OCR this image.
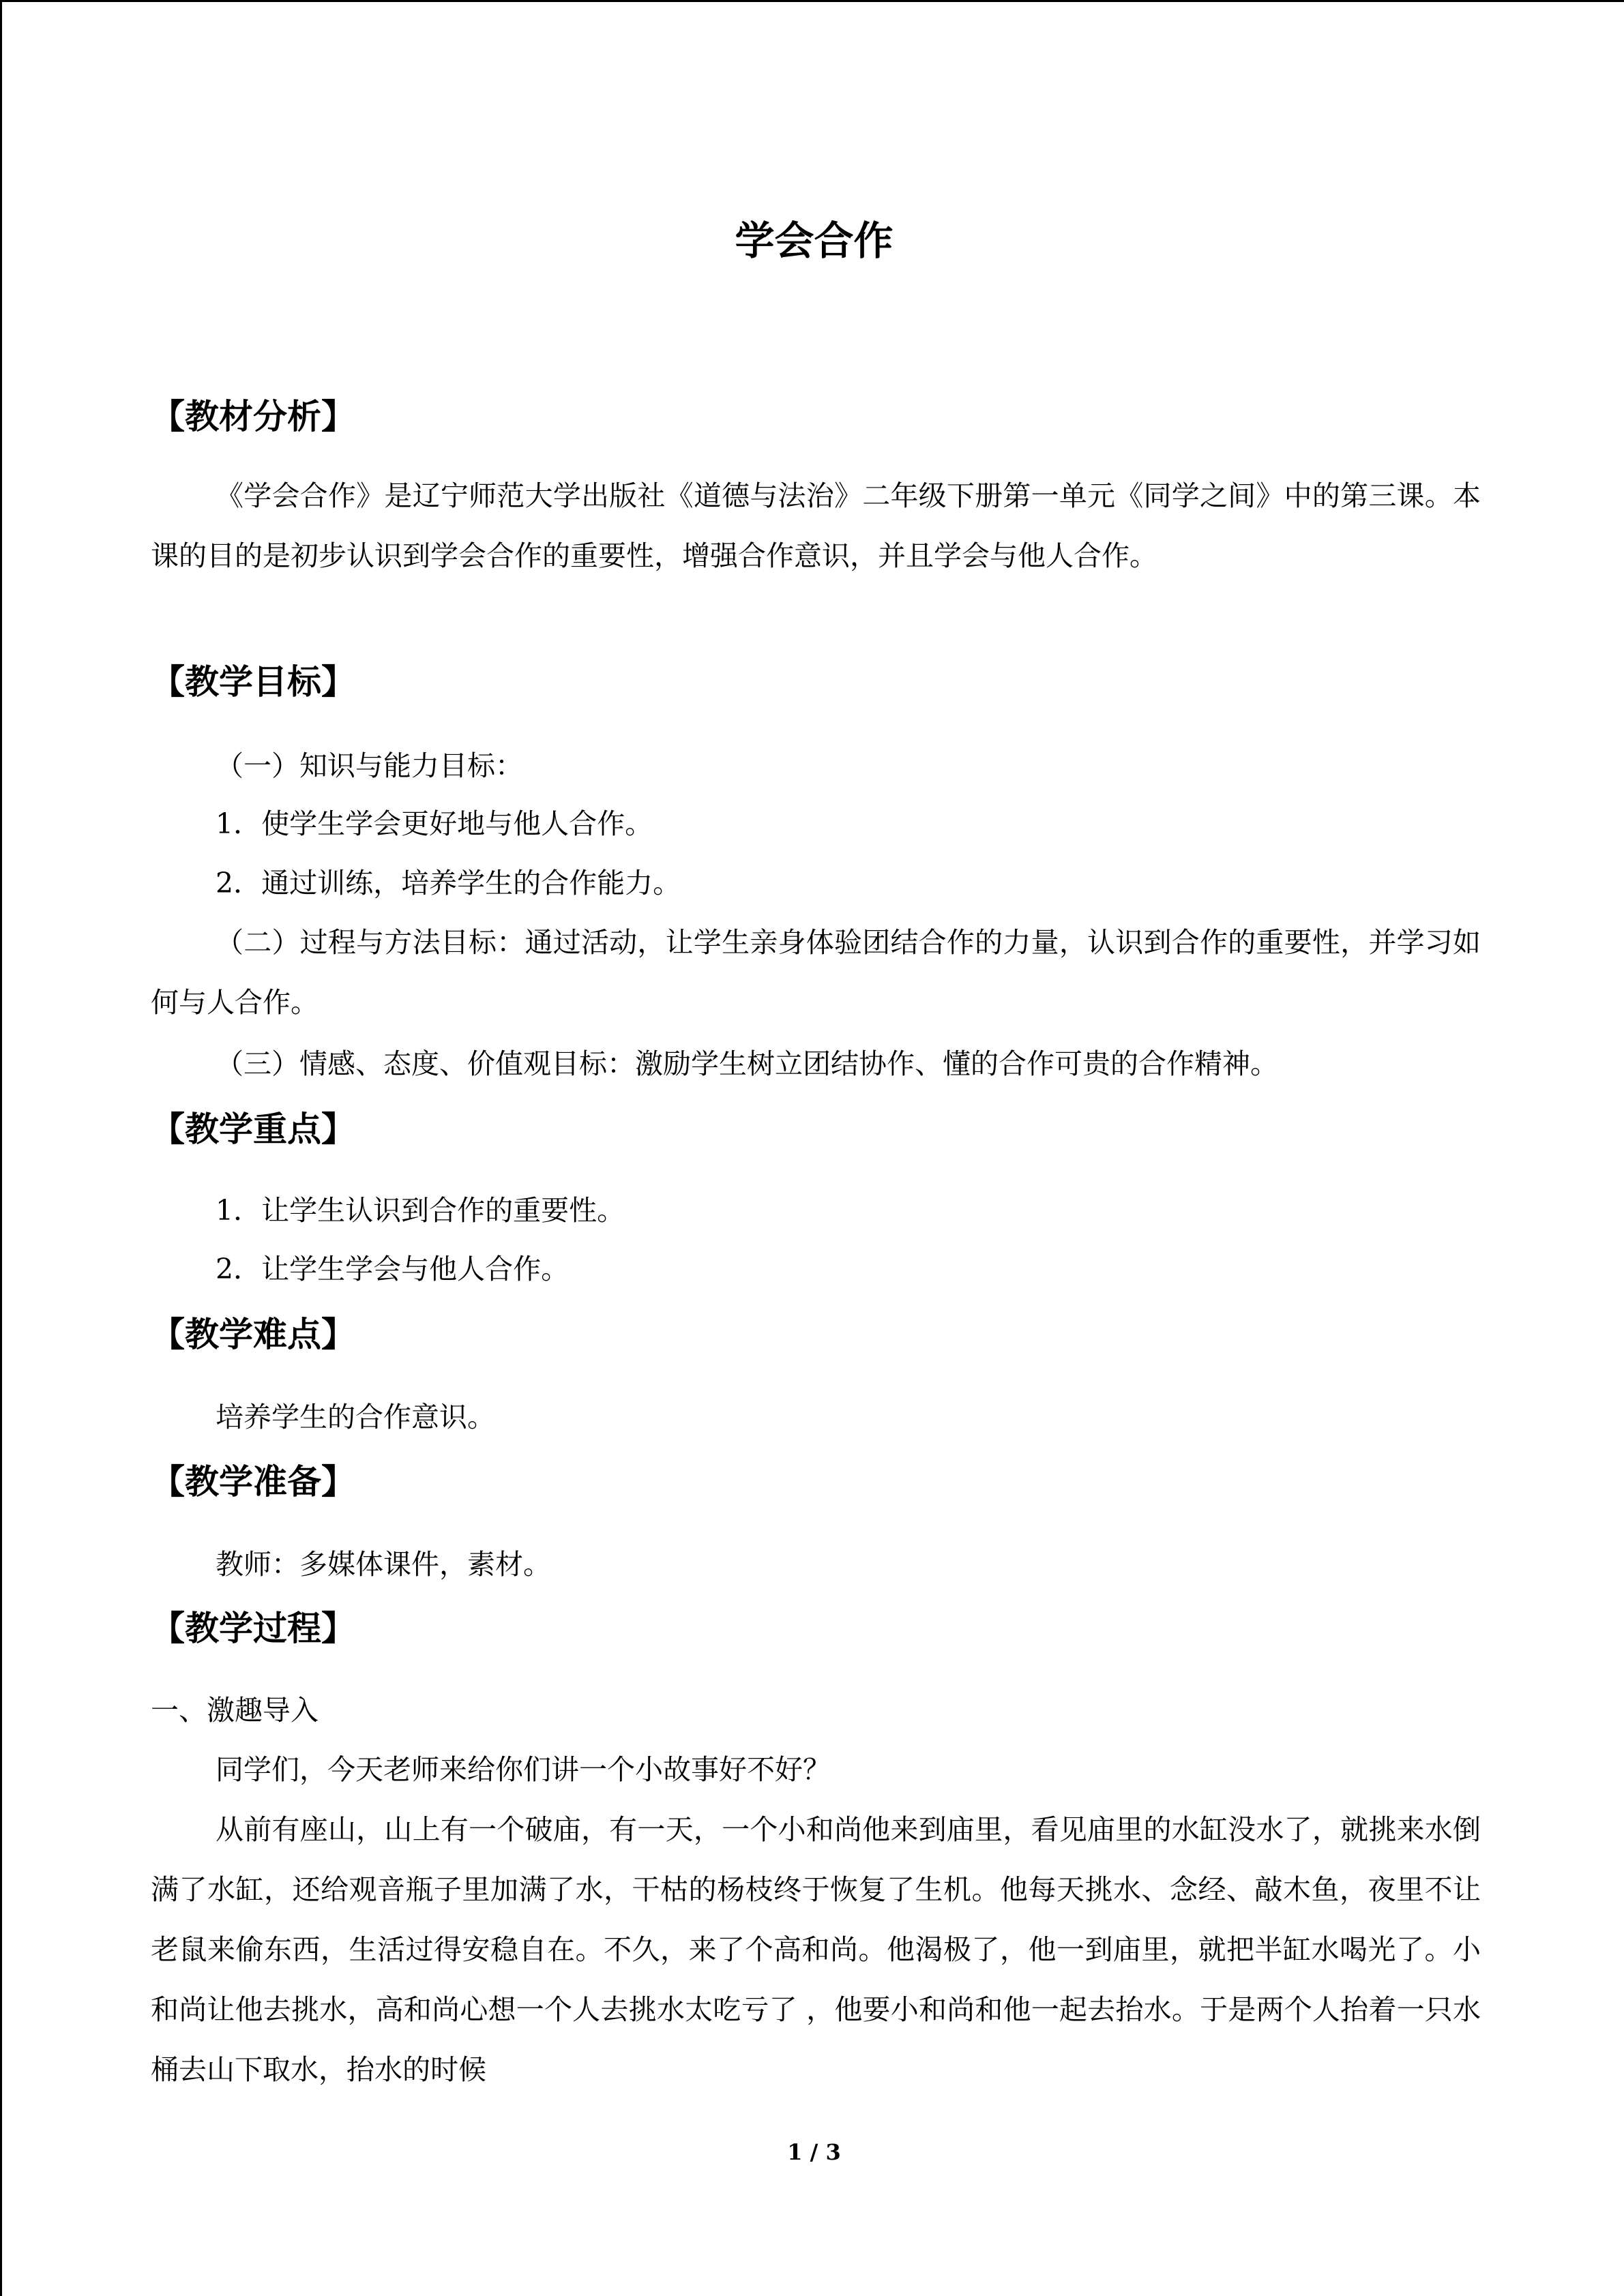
学会合作
【教材分析】

《学会合作》是辽宁师范大学出版社《道德与法治》二年级下册第一单元《同学之间》中的第三课。本课的目的是初步认识到学会合作的重要性，增强合作意识，并且学会与他人合作。

【教学目标】
（一）知识与能力目标：
1．使学生学会更好地与他人合作。
2．通过训练，培养学生的合作能力。

（二）过程与方法目标：通过活动，让学生亲身体验团结合作的力量，认识到合作的重要性，并学习如何与人合作。

（三）情感、态度、价值观目标：激励学生树立团结协作、懂的合作可贵的合作精神。
【教学重点】
1．让学生认识到合作的重要性。
2．让学生学会与他人合作。
【教学难点】
培养学生的合作意识。
【教学准备】
教师：多媒体课件，素材。
【教学过程】
一、激趣导入
同学们，今天老师来给你们讲一个小故事好不好？

从前有座山，山上有一个破庙，有一天，一个小和尚他来到庙里，看见庙里的水缸没水了，就挑来水倒满了水缸，还给观音瓶子里加满了水，干枯的杨枝终于恢复了生机。他每天挑水、念经、敲木鱼，夜里不让老鼠来偷东西，生活过得安稳自在。不久，来了个高和尚。他渴极了，他一到庙里，就把半缸水喝光了。小和尚让他去挑水，高和尚心想一个人去挑水太吃亏了 ，他要小和尚和他一起去抬水。于是两个人抬着一只水桶去山下取水，抬水的时候

1 / 3
